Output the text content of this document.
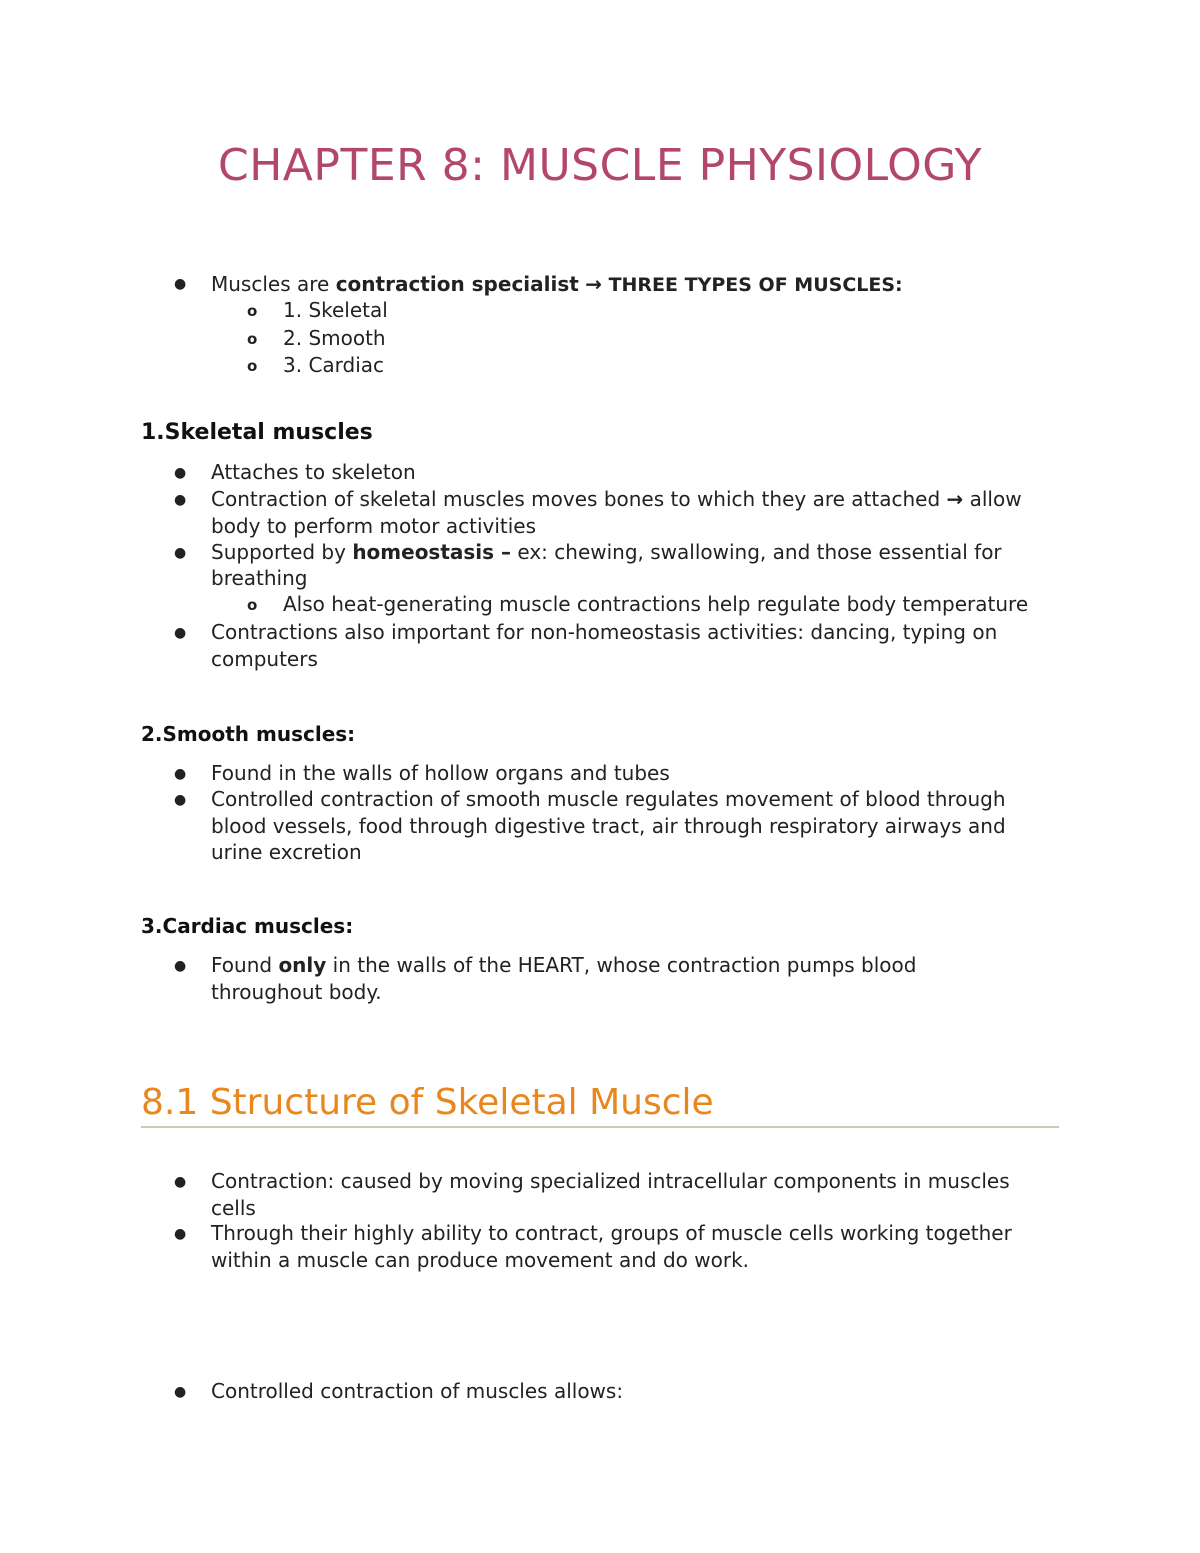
CHAPTER 8: MUSCLE PHYSIOLOGY
● Muscles are contraction specialist → THREE TYPES OF MUSCLES:
o 1. Skeletal
o 2. Smooth
o 3. Cardiac
1.Skeletal muscles
● Attaches to skeleton
● Contraction of skeletal muscles moves bones to which they are attached → allow
body to perform motor activities
● Supported by homeostasis – ex: chewing, swallowing, and those essential for
breathing
o Also heat-generating muscle contractions help regulate body temperature
● Contractions also important for non-homeostasis activities: dancing, typing on
computers
2.Smooth muscles:
● Found in the walls of hollow organs and tubes
● Controlled contraction of smooth muscle regulates movement of blood through
blood vessels, food through digestive tract, air through respiratory airways and
urine excretion
3.Cardiac muscles:
● Found only in the walls of the HEART, whose contraction pumps blood
throughout body.
8.1 Structure of Skeletal Muscle
● Contraction: caused by moving specialized intracellular components in muscles
cells
● Through their highly ability to contract, groups of muscle cells working together
within a muscle can produce movement and do work.
● Controlled contraction of muscles allows:
